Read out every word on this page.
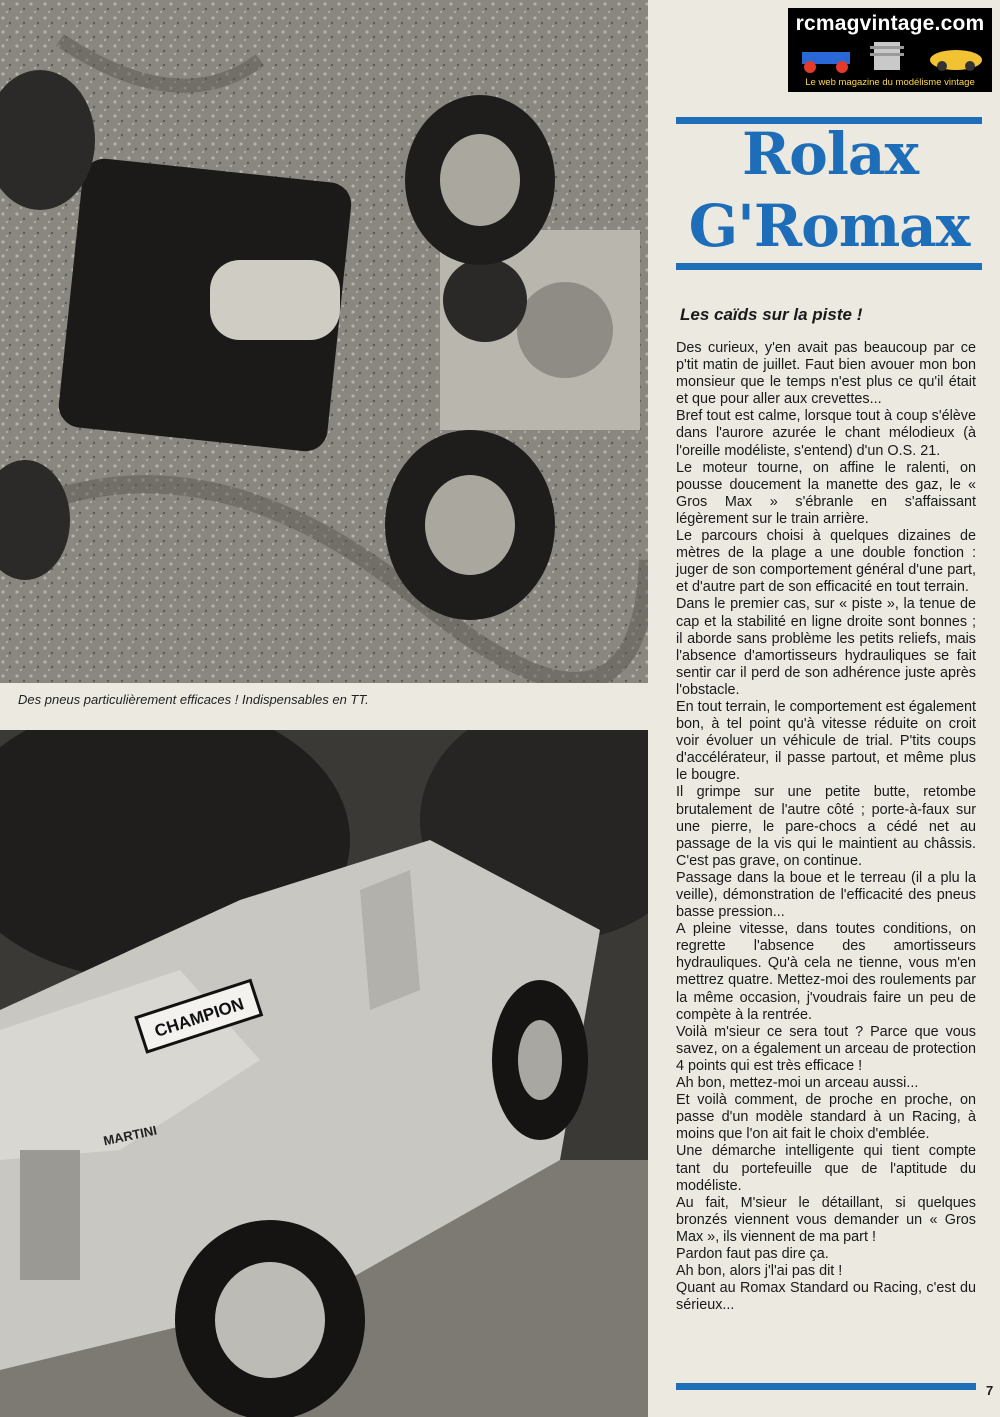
Des pneus particulièrement efficaces ! Indispensables en TT.
CHAMPION
MARTINI
rcmagvintage.com
Le web magazine du modélisme vintage
Rolax
G'Romax
Les caïds sur la piste !

Des curieux, y'en avait pas beaucoup par ce p'tit matin de juillet. Faut bien avouer mon bon monsieur que le temps n'est plus ce qu'il était et que pour aller aux crevettes...

Bref tout est calme, lorsque tout à coup s'élève dans l'aurore azurée le chant mélodieux (à l'oreille modéliste, s'entend) d'un O.S. 21.

Le moteur tourne, on affine le ralenti, on pousse doucement la manette des gaz, le « Gros Max » s'ébranle en s'affaissant légèrement sur le train arrière.

Le parcours choisi à quelques dizaines de mètres de la plage a une double fonction : juger de son comportement général d'une part, et d'autre part de son efficacité en tout terrain.

Dans le premier cas, sur « piste », la tenue de cap et la stabilité en ligne droite sont bonnes ; il aborde sans problème les petits reliefs, mais l'absence d'amortisseurs hydrauliques se fait sentir car il perd de son adhérence juste après l'obstacle.

En tout terrain, le comportement est également bon, à tel point qu'à vitesse réduite on croit voir évoluer un véhicule de trial. P'tits coups d'accélérateur, il passe partout, et même plus le bougre.

Il grimpe sur une petite butte, retombe brutalement de l'autre côté ; porte-à-faux sur une pierre, le pare-chocs a cédé net au passage de la vis qui le maintient au châssis. C'est pas grave, on continue.

Passage dans la boue et le terreau (il a plu la veille), démonstration de l'efficacité des pneus basse pression...

A pleine vitesse, dans toutes conditions, on regrette l'absence des amortisseurs hydrauliques. Qu'à cela ne tienne, vous m'en mettrez quatre. Mettez-moi des roulements par la même occasion, j'voudrais faire un peu de compète à la rentrée.

Voilà m'sieur ce sera tout ? Parce que vous savez, on a également un arceau de protection 4 points qui est très efficace !

Ah bon, mettez-moi un arceau aussi...

Et voilà comment, de proche en proche, on passe d'un modèle standard à un Racing, à moins que l'on ait fait le choix d'emblée.

Une démarche intelligente qui tient compte tant du portefeuille que de l'aptitude du modéliste.

Au fait, M'sieur le détaillant, si quelques bronzés viennent vous demander un « Gros Max », ils viennent de ma part !

Pardon faut pas dire ça.

Ah bon, alors j'l'ai pas dit !

Quant au Romax Standard ou Racing, c'est du sérieux...

7
